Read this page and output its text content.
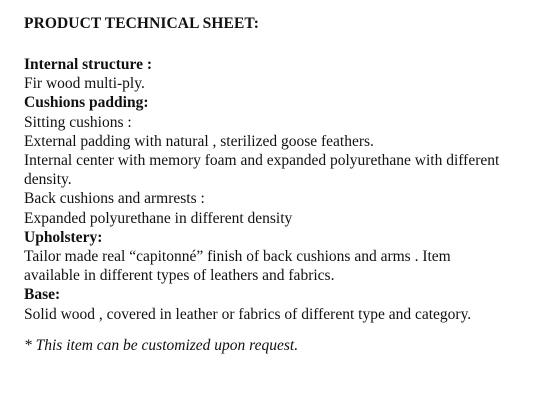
PRODUCT TECHNICAL SHEET:
Internal structure :
Fir wood multi-ply.
Cushions padding:
Sitting cushions :
External padding with natural , sterilized goose feathers.
Internal center with memory foam and expanded polyurethane with different
density.
Back cushions and armrests :
Expanded polyurethane in different density
Upholstery:
Tailor made real “capitonné” finish of back cushions and arms . Item
available in different types of leathers and fabrics.
Base:
Solid wood , covered in leather or fabrics of different type and category.
* This item can be customized upon request.
